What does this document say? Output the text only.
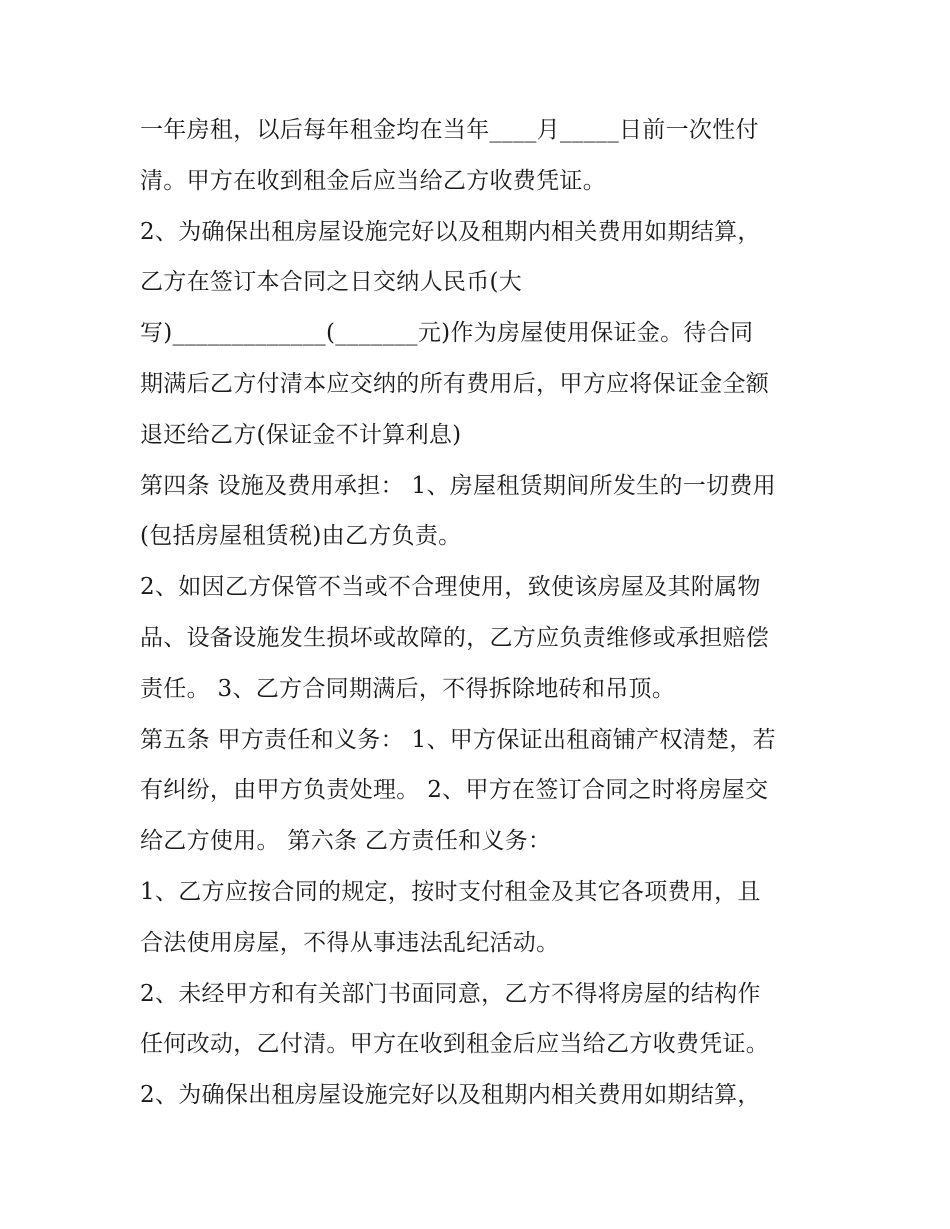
一年房租，以后每年租金均在当年____月_____日前一次性付
清。甲方在收到租金后应当给乙方收费凭证。
2、为确保出租房屋设施完好以及租期内相关费用如期结算，
乙方在签订本合同之日交纳人民币(大
写)_____________(_______元)作为房屋使用保证金。待合同
期满后乙方付清本应交纳的所有费用后，甲方应将保证金全额
退还给乙方(保证金不计算利息)
第四条 设施及费用承担： 1、房屋租赁期间所发生的一切费用
(包括房屋租赁税)由乙方负责。
2、如因乙方保管不当或不合理使用，致使该房屋及其附属物
品、设备设施发生损坏或故障的，乙方应负责维修或承担赔偿
责任。 3、乙方合同期满后，不得拆除地砖和吊顶。
第五条 甲方责任和义务： 1、甲方保证出租商铺产权清楚，若
有纠纷，由甲方负责处理。 2、甲方在签订合同之时将房屋交
给乙方使用。 第六条 乙方责任和义务：
1、乙方应按合同的规定，按时支付租金及其它各项费用，且
合法使用房屋，不得从事违法乱纪活动。
2、未经甲方和有关部门书面同意，乙方不得将房屋的结构作
任何改动，乙付清。甲方在收到租金后应当给乙方收费凭证。
2、为确保出租房屋设施完好以及租期内相关费用如期结算，
